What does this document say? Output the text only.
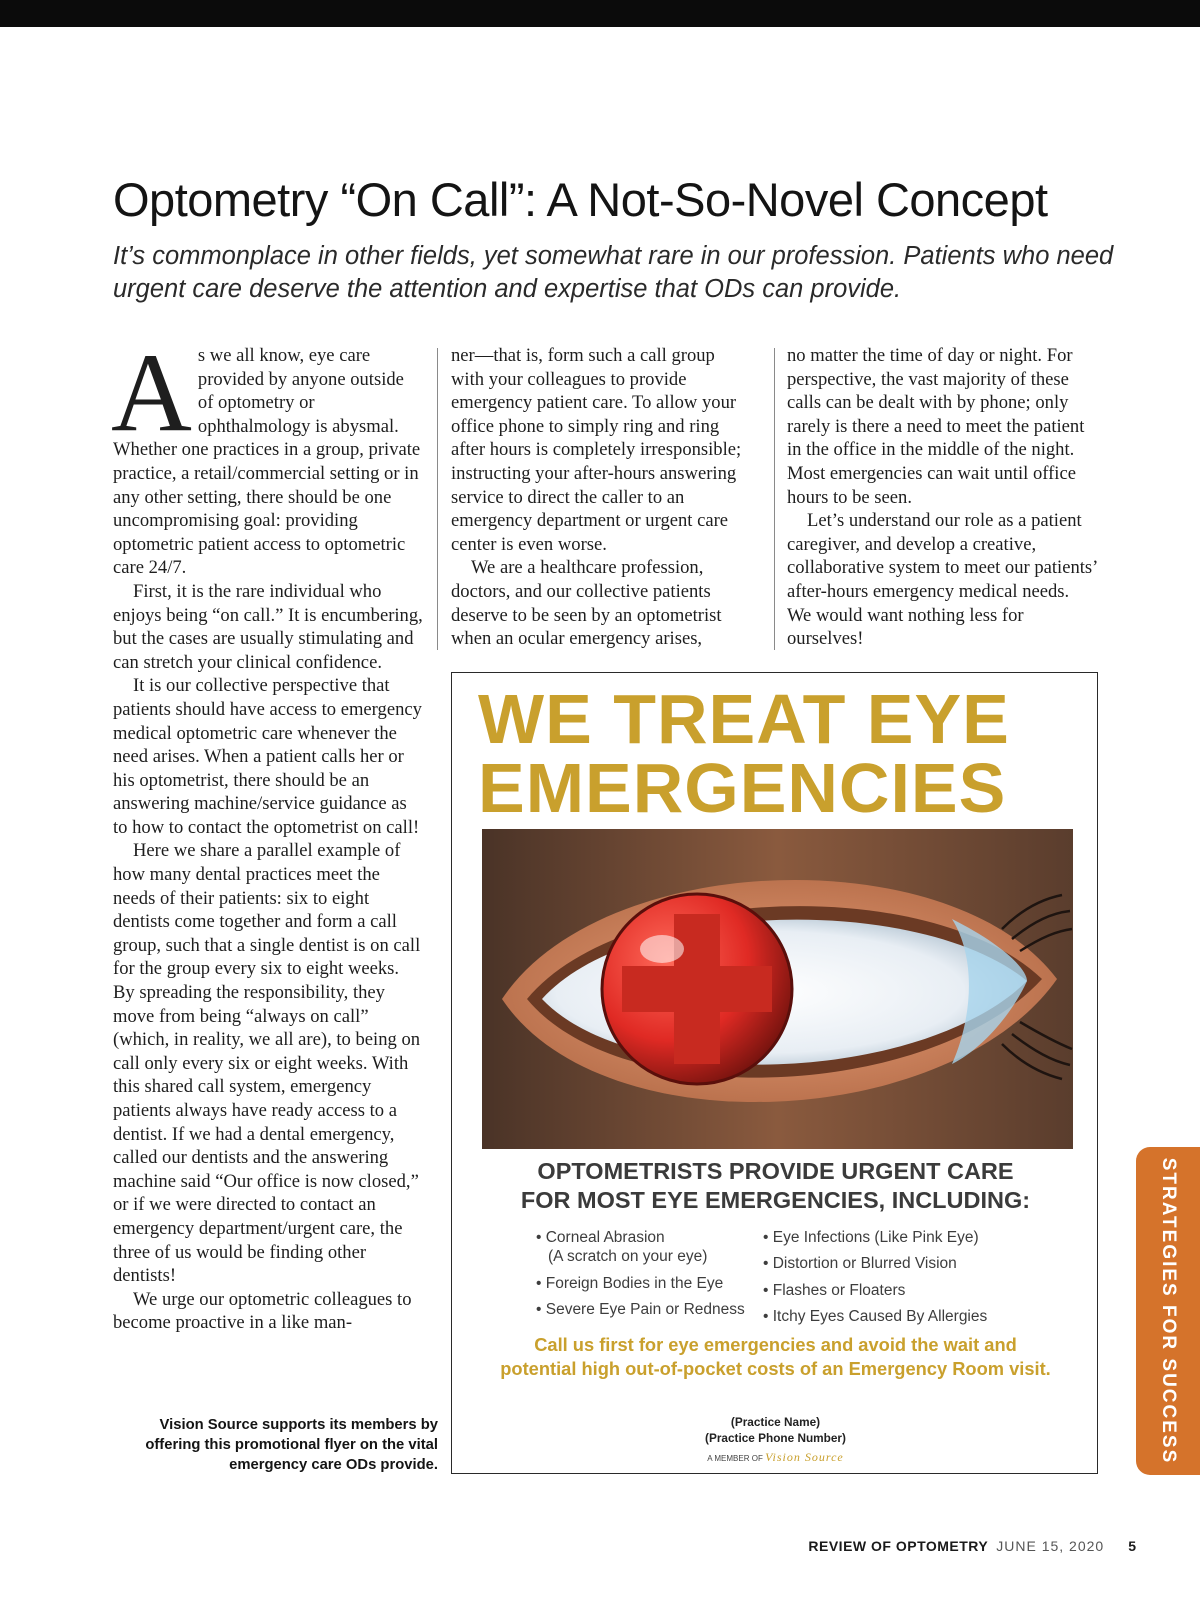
Optometry “On Call”: A Not-So-Novel Concept

It’s commonplace in other fields, yet somewhat rare in our profession. Patients who need urgent care deserve the attention and expertise that ODs can provide.

As we all know, eye care provided by anyone outside of optometry or ophthalmology is abysmal. Whether one practices in a group, private practice, a retail/commercial setting or in any other setting, there should be one uncompromising goal: providing optometric patient access to optometric care 24/7.

First, it is the rare individual who enjoys being “on call.” It is encumbering, but the cases are usually stimulating and can stretch your clinical confidence.

It is our collective perspective that patients should have access to emergency medical optometric care whenever the need arises. When a patient calls her or his optometrist, there should be an answering machine/service guidance as to how to contact the optometrist on call!

Here we share a parallel example of how many dental practices meet the needs of their patients: six to eight dentists come together and form a call group, such that a single dentist is on call for the group every six to eight weeks. By spreading the responsibility, they move from being “always on call” (which, in reality, we all are), to being on call only every six or eight weeks. With this shared call system, emergency patients always have ready access to a dentist. If we had a dental emergency, called our dentists and the answering machine said “Our office is now closed,” or if we were directed to contact an emergency department/urgent care, the three of us would be finding other dentists!

We urge our optometric colleagues to become proactive in a like man-

ner—that is, form such a call group with your colleagues to provide emergency patient care. To allow your office phone to simply ring and ring after hours is completely irresponsible; instructing your after-hours answering service to direct the caller to an emergency department or urgent care center is even worse.

We are a healthcare profession, doctors, and our collective patients deserve to be seen by an optometrist when an ocular emergency arises,

no matter the time of day or night. For perspective, the vast majority of these calls can be dealt with by phone; only rarely is there a need to meet the patient in the office in the middle of the night. Most emergencies can wait until office hours to be seen.

Let’s understand our role as a patient caregiver, and develop a creative, collaborative system to meet our patients’ after-hours emergency medical needs. We would want nothing less for ourselves!

Vision Source supports its members by offering this promotional flyer on the vital emergency care ODs provide.
WE TREAT EYE
EMERGENCIES
OPTOMETRISTS PROVIDE URGENT CARE
FOR MOST EYE EMERGENCIES, INCLUDING:
• Corneal Abrasion
(A scratch on your eye)
• Foreign Bodies in the Eye
• Severe Eye Pain or Redness
• Eye Infections (Like Pink Eye)
• Distortion or Blurred Vision
• Flashes or Floaters
• Itchy Eyes Caused By Allergies
Call us first for eye emergencies and avoid the wait and
potential high out-of-pocket costs of an Emergency Room visit.
(Practice Name)
(Practice Phone Number)
A MEMBER OF Vision Source	STRATEGIES FOR SUCCESS
REVIEW OF OPTOMETRY JUNE 15, 2020 5
